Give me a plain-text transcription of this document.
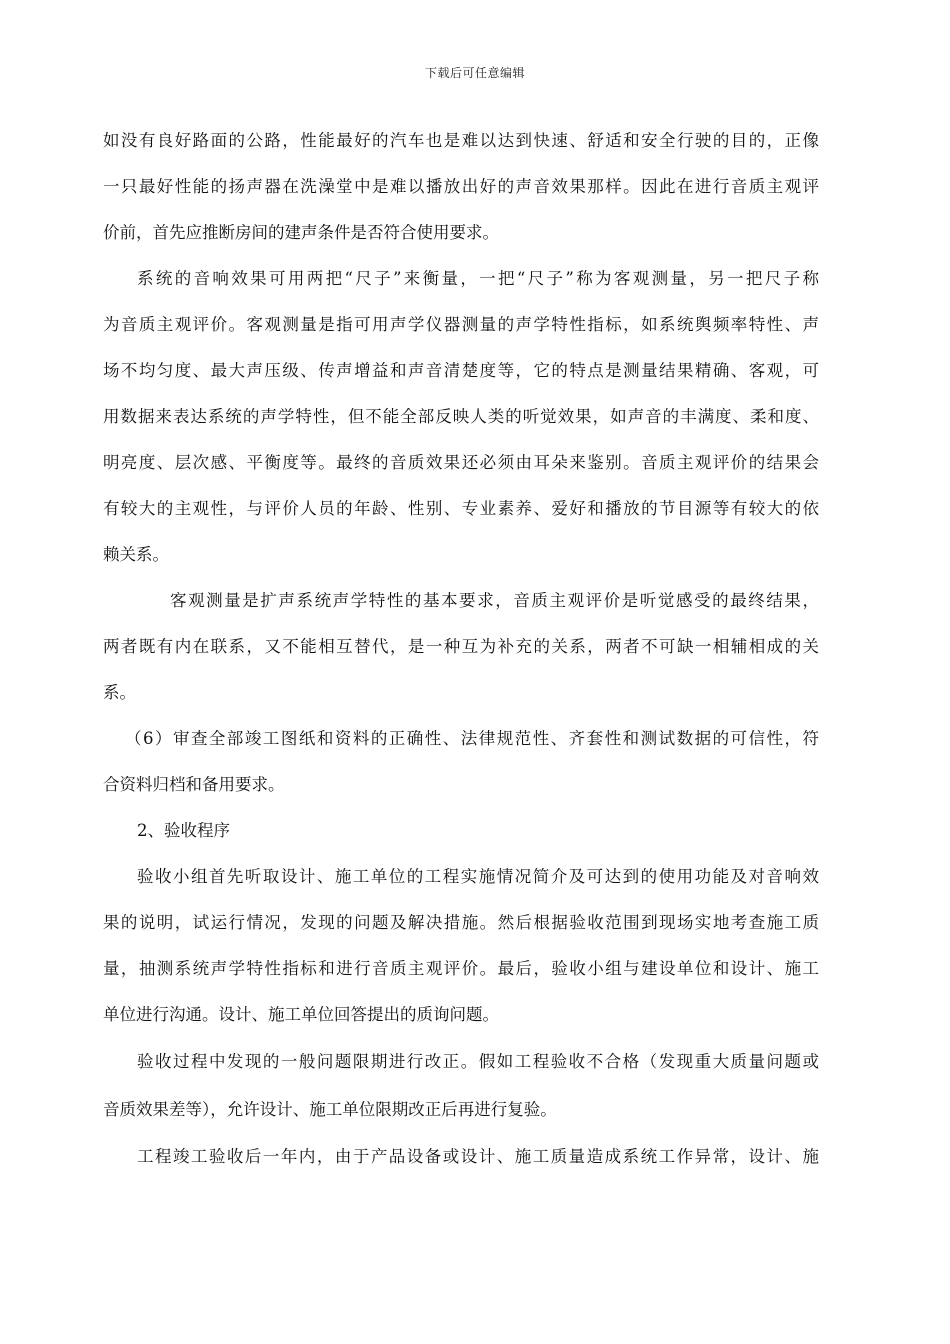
下载后可任意编辑
如没有良好路面的公路，性能最好的汽车也是难以达到快速、舒适和安全行驶的目的，正像
一只最好性能的扬声器在洗澡堂中是难以播放出好的声音效果那样。因此在进行音质主观评
价前，首先应推断房间的建声条件是否符合使用要求。
系统的音响效果可用两把“尺子”来衡量，一把“尺子”称为客观测量，另一把尺子称
为音质主观评价。客观测量是指可用声学仪器测量的声学特性指标，如系统舆频率特性、声
场不均匀度、最大声压级、传声增益和声音清楚度等，它的特点是测量结果精确、客观，可
用数据来表达系统的声学特性，但不能全部反映人类的听觉效果，如声音的丰满度、柔和度、
明亮度、层次感、平衡度等。最终的音质效果还必须由耳朵来鉴别。音质主观评价的结果会
有较大的主观性，与评价人员的年龄、性别、专业素养、爱好和播放的节目源等有较大的依
赖关系。
客观测量是扩声系统声学特性的基本要求，音质主观评价是听觉感受的最终结果，
两者既有内在联系，又不能相互替代，是一种互为补充的关系，两者不可缺一相辅相成的关
系。
（6）审查全部竣工图纸和资料的正确性、法律规范性、齐套性和测试数据的可信性，符
合资料归档和备用要求。
2、验收程序
验收小组首先听取设计、施工单位的工程实施情况简介及可达到的使用功能及对音响效
果的说明，试运行情况，发现的问题及解决措施。然后根据验收范围到现场实地考查施工质
量，抽测系统声学特性指标和进行音质主观评价。最后，验收小组与建设单位和设计、施工
单位进行沟通。设计、施工单位回答提出的质询问题。
验收过程中发现的一般问题限期进行改正。假如工程验收不合格（发现重大质量问题或
音质效果差等），允许设计、施工单位限期改正后再进行复验。
工程竣工验收后一年内，由于产品设备或设计、施工质量造成系统工作异常，设计、施
